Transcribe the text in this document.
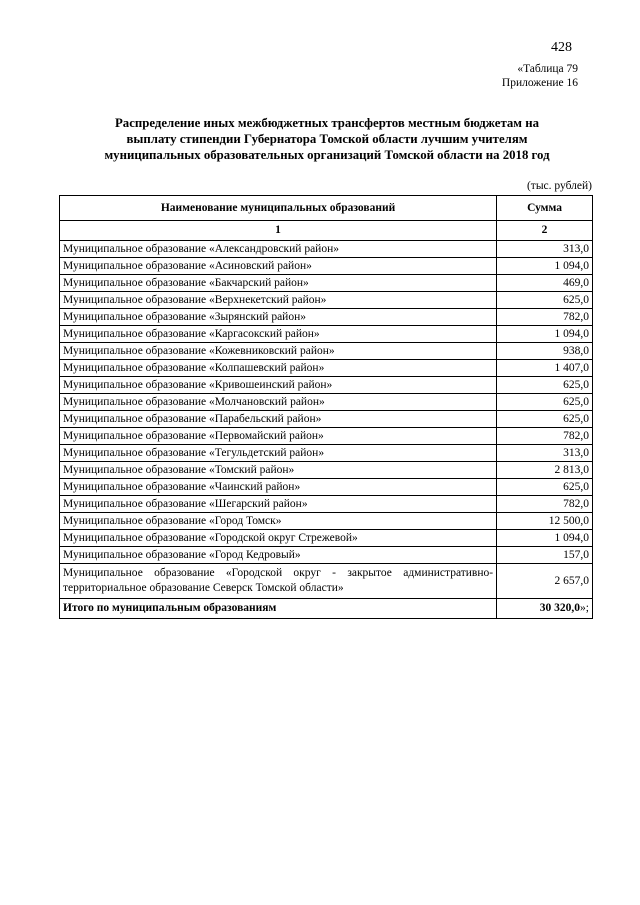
428
«Таблица 79
Приложение 16
Распределение иных межбюджетных трансфертов местным бюджетам на
выплату стипендии Губернатора Томской области лучшим учителям
муниципальных образовательных организаций Томской области на 2018 год
(тыс. рублей)
Наименование муниципальных образований	Сумма
1	2
Муниципальное образование «Александровский район»	313,0
Муниципальное образование «Асиновский район»	1 094,0
Муниципальное образование «Бакчарский район»	469,0
Муниципальное образование «Верхнекетский район»	625,0
Муниципальное образование «Зырянский район»	782,0
Муниципальное образование «Каргасокский район»	1 094,0
Муниципальное образование «Кожевниковский район»	938,0
Муниципальное образование «Колпашевский район»	1 407,0
Муниципальное образование «Кривошеинский район»	625,0
Муниципальное образование «Молчановский район»	625,0
Муниципальное образование «Парабельский район»	625,0
Муниципальное образование «Первомайский район»	782,0
Муниципальное образование «Тегульдетский район»	313,0
Муниципальное образование «Томский район»	2 813,0
Муниципальное образование «Чаинский район»	625,0
Муниципальное образование «Шегарский район»	782,0
Муниципальное образование «Город Томск»	12 500,0
Муниципальное образование «Городской округ Стрежевой»	1 094,0
Муниципальное образование «Город Кедровый»	157,0
Муниципальное образование «Городской округ - закрытое административно-территориальное образование Северск Томской области»	2 657,0
Итого по муниципальным образованиям	30 320,0»;
